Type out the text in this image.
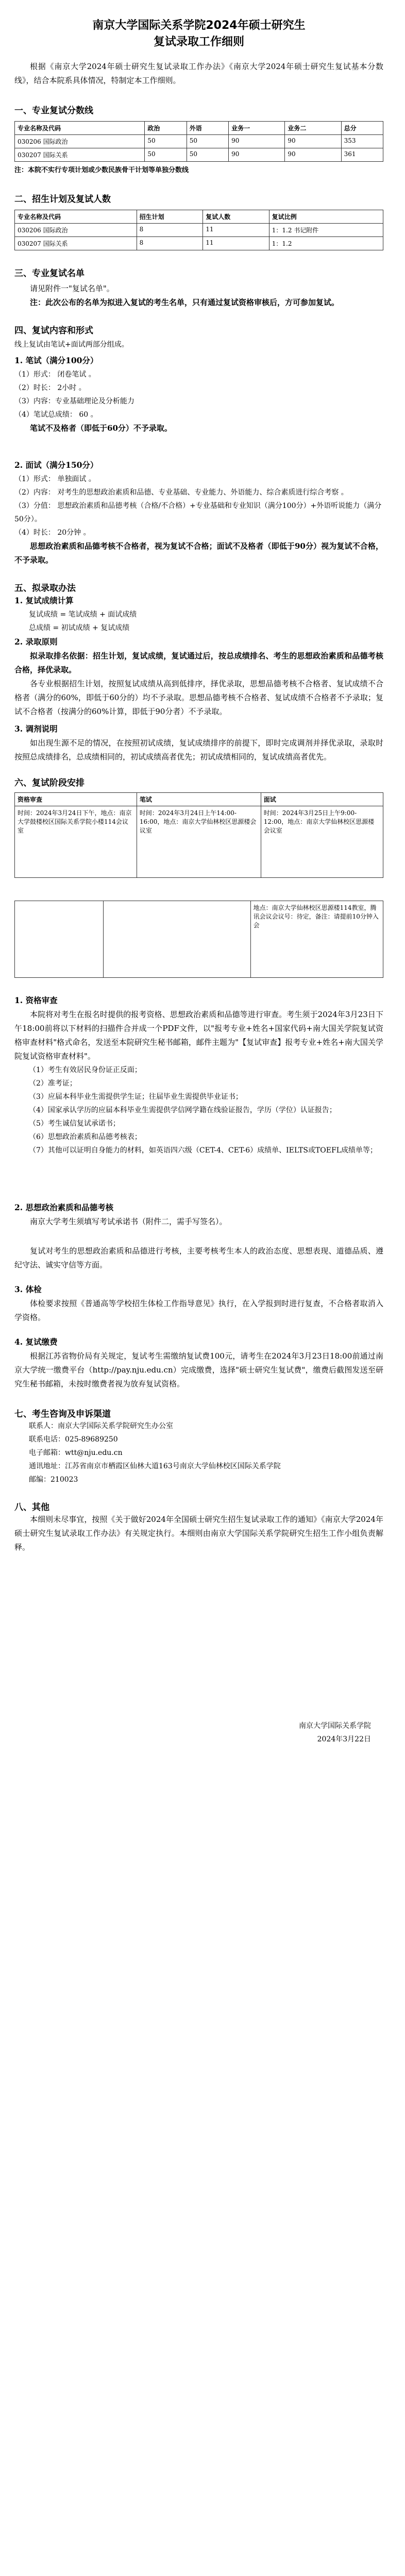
南京大学国际关系学院2024年硕士研究生
复试录取工作细则

根据《南京大学2024年硕士研究生复试录取工作办法》《南京大学2024年硕士研究生复试基本分数线》，结合本院系具体情况，特制定本工作细则。

一、专业复试分数线

专业名称及代码	政治	外语	业务一	业务二	总分
030206 国际政治	50	50	90	90	353
030207 国际关系	50	50	90	90	361

注：本院不实行专项计划或少数民族骨干计划等单独分数线

二、招生计划及复试人数

专业名称及代码	招生计划	复试人数	复试比例
030206 国际政治	8	11	1：1.2 书记附件
030207 国际关系	8	11	1：1.2

三、专业复试名单

请见附件一"复试名单"。

注：此次公布的名单为拟进入复试的考生名单，只有通过复试资格审核后，方可参加复试。

四、复试内容和形式

线上复试由笔试+面试两部分组成。

1. 笔试（满分100分）

（1）形式： 闭卷笔试 。

（2）时长： 2小时 。

（3）内容：专业基础理论及分析能力

（4）笔试总成绩： 60 。

笔试不及格者（即低于60分）不予录取。

2. 面试（满分150分）

（1）形式： 单独面试 。

（2）内容： 对考生的思想政治素质和品德、专业基础、专业能力、外语能力、综合素质进行综合考察 。

（3）分值： 思想政治素质和品德考核（合格/不合格）+专业基础和专业知识（满分100分）+外语听说能力（满分50分）。

（4）时长： 20分钟 。

思想政治素质和品德考核不合格者，视为复试不合格；面试不及格者（即低于90分）视为复试不合格，不予录取。

五、拟录取办法

1. 复试成绩计算

复试成绩 = 笔试成绩 + 面试成绩

总成绩 = 初试成绩 + 复试成绩

2. 录取原则

拟录取排名依据：招生计划，复试成绩，复试通过后，按总成绩排名、考生的思想政治素质和品德考核合格，择优录取。

各专业根据招生计划，按照复试成绩从高到低排序，择优录取，思想品德考核不合格者、复试成绩不合格者（满分的60%，即低于60分的）均不予录取。思想品德考核不合格者、复试成绩不合格者不予录取；复试不合格者（按满分的60%计算，即低于90分者）不予录取。

3. 调剂说明

如出现生源不足的情况，在按照初试成绩，复试成绩排序的前提下，即时完成调剂并择优录取，录取时按照总成绩排名，总成绩相同的，初试成绩高者优先；初试成绩相同的，复试成绩高者优先。

六、复试阶段安排

资格审查	笔试	面试
时间：2024年3月24日下午，地点：南京大学鼓楼校区国际关系学院小楼114会议室	时间：2024年3月24日上午14:00-16:00，地点：南京大学仙林校区思源楼会议室	时间：2024年3月25日上午9:00-12:00，地点：南京大学仙林校区思源楼会议室
		地点：南京大学仙林校区思源楼114教室，腾讯会议会议号：待定，备注：请提前10分钟入会

1. 资格审查

本院将对考生在报名时提供的报考资格、思想政治素质和品德等进行审查。考生须于2024年3月23日下午18:00前将以下材料的扫描件合并成一个PDF文件，以"报考专业+姓名+国家代码+南大国关学院复试资格审查材料"格式命名，发送至本院研究生秘书邮箱，邮件主题为"【复试审查】报考专业+姓名+南大国关学院复试资格审查材料"。

（1）考生有效居民身份证正反面；

（2）准考证；

（3）应届本科毕业生需提供学生证；往届毕业生需提供毕业证书；

（4）国家承认学历的应届本科毕业生需提供学信网学籍在线验证报告，学历（学位）认证报告；

（5）考生诚信复试承诺书；

（6）思想政治素质和品德考核表；

（7）其他可以证明自身能力的材料，如英语四六级（CET-4、CET-6）成绩单、IELTS或TOEFL成绩单等；

2. 思想政治素质和品德考核

南京大学考生须填写考试承诺书（附件二，需手写签名）。

复试对考生的思想政治素质和品德进行考核，主要考核考生本人的政治态度、思想表现、道德品质、遵纪守法、诚实守信等方面。

3. 体检

体检要求按照《普通高等学校招生体检工作指导意见》执行，在入学报到时进行复查，不合格者取消入学资格。

4. 复试缴费

根据江苏省物价局有关规定，复试考生需缴纳复试费100元，请考生在2024年3月23日18:00前通过南京大学统一缴费平台（http://pay.nju.edu.cn）完成缴费，选择"硕士研究生复试费"，缴费后截图发送至研究生秘书邮箱，未按时缴费者视为放弃复试资格。

七、考生咨询及申诉渠道

联系人：南京大学国际关系学院研究生办公室

联系电话：025-89689250

电子邮箱：wtt@nju.edu.cn

通讯地址：江苏省南京市栖霞区仙林大道163号南京大学仙林校区国际关系学院

邮编：210023

八、其他

本细则未尽事宜，按照《关于做好2024年全国硕士研究生招生复试录取工作的通知》《南京大学2024年硕士研究生复试录取工作办法》有关规定执行。本细则由南京大学国际关系学院研究生招生工作小组负责解释。

南京大学国际关系学院

2024年3月22日
